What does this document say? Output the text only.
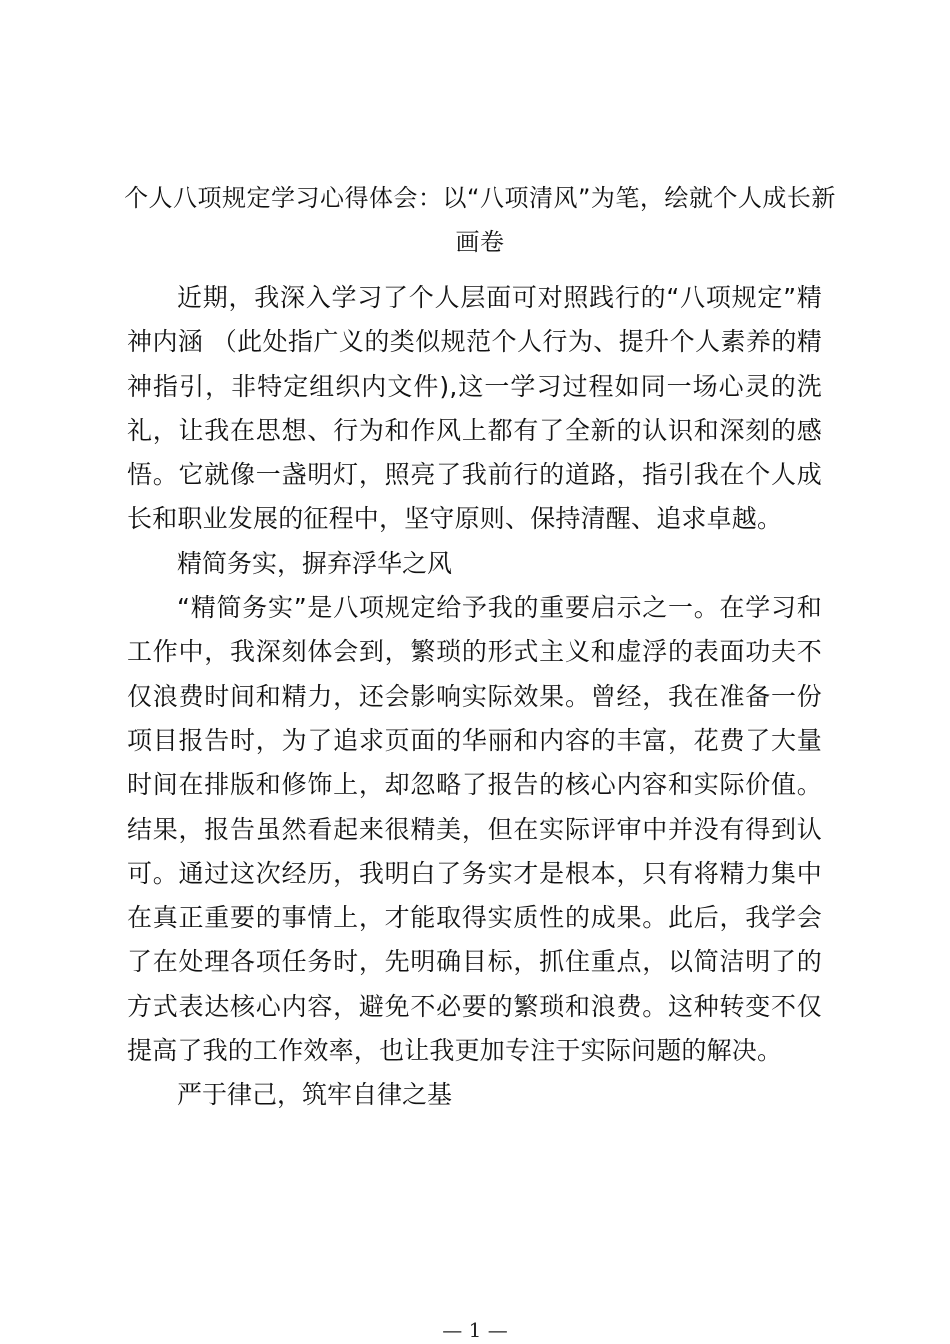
个人八项规定学习心得体会：以“八项清风”为笔，绘就个人成长新画卷

近期，我深入学习了个人层面可对照践行的“八项规定”精神内涵 （此处指广义的类似规范个人行为、提升个人素养的精神指引，非特定组织内文件),这一学习过程如同一场心灵的洗礼，让我在思想、行为和作风上都有了全新的认识和深刻的感悟。它就像一盏明灯，照亮了我前行的道路，指引我在个人成长和职业发展的征程中，坚守原则、保持清醒、追求卓越。

精简务实，摒弃浮华之风

“精简务实”是八项规定给予我的重要启示之一。在学习和工作中，我深刻体会到，繁琐的形式主义和虚浮的表面功夫不仅浪费时间和精力，还会影响实际效果。曾经，我在准备一份项目报告时，为了追求页面的华丽和内容的丰富，花费了大量时间在排版和修饰上，却忽略了报告的核心内容和实际价值。结果，报告虽然看起来很精美，但在实际评审中并没有得到认可。通过这次经历，我明白了务实才是根本，只有将精力集中在真正重要的事情上，才能取得实质性的成果。此后，我学会了在处理各项任务时，先明确目标，抓住重点，以简洁明了的方式表达核心内容，避免不必要的繁琐和浪费。这种转变不仅提高了我的工作效率，也让我更加专注于实际问题的解决。

严于律己，筑牢自律之基

— 1 —
